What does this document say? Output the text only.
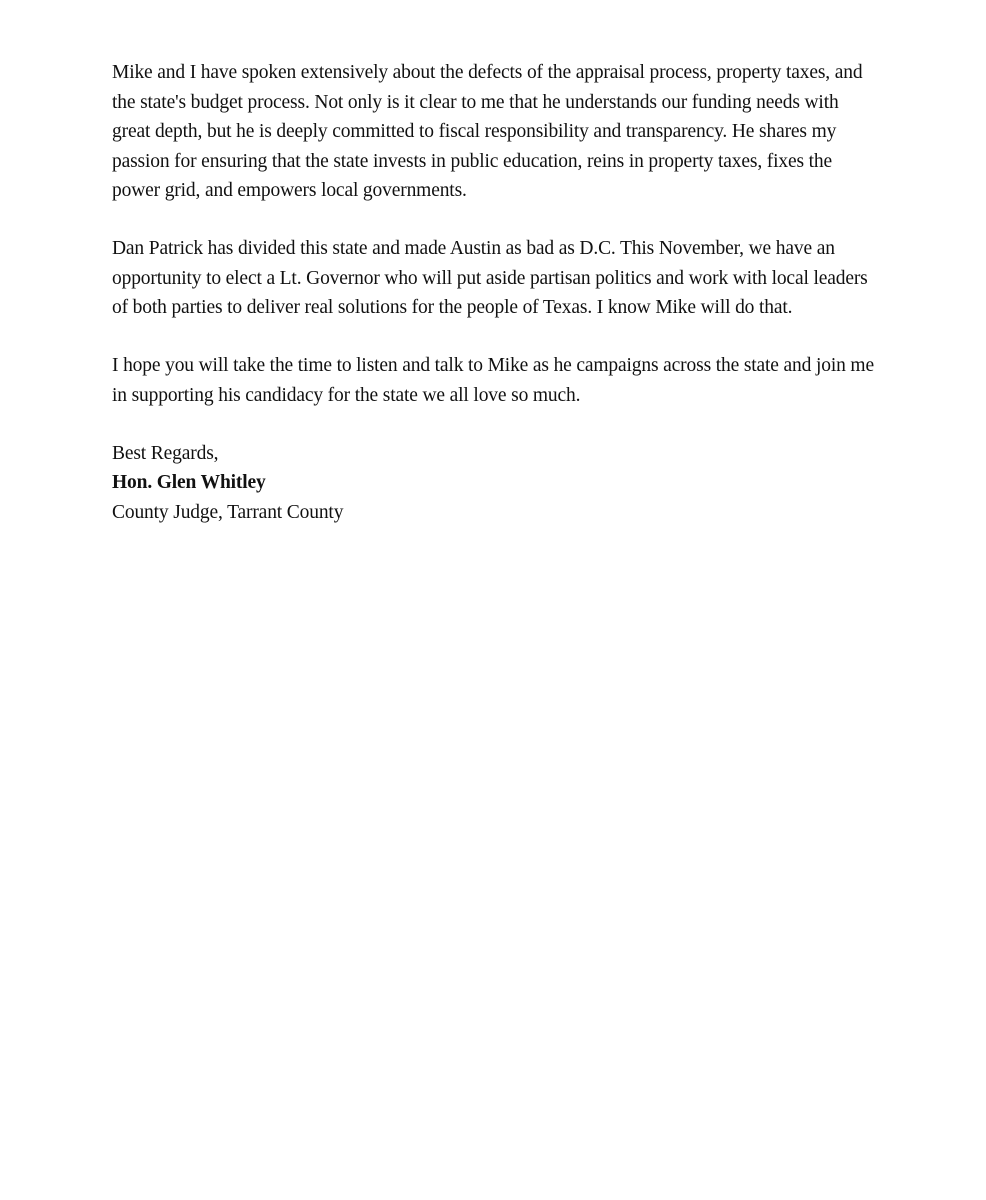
Mike and I have spoken extensively about the defects of the appraisal process, property taxes, and the state's budget process. Not only is it clear to me that he understands our funding needs with great depth, but he is deeply committed to fiscal responsibility and transparency. He shares my passion for ensuring that the state invests in public education, reins in property taxes, fixes the power grid, and empowers local governments.

Dan Patrick has divided this state and made Austin as bad as D.C. This November, we have an opportunity to elect a Lt. Governor who will put aside partisan politics and work with local leaders of both parties to deliver real solutions for the people of Texas. I know Mike will do that.

I hope you will take the time to listen and talk to Mike as he campaigns across the state and join me in supporting his candidacy for the state we all love so much.

Best Regards,
Hon. Glen Whitley
County Judge, Tarrant County
